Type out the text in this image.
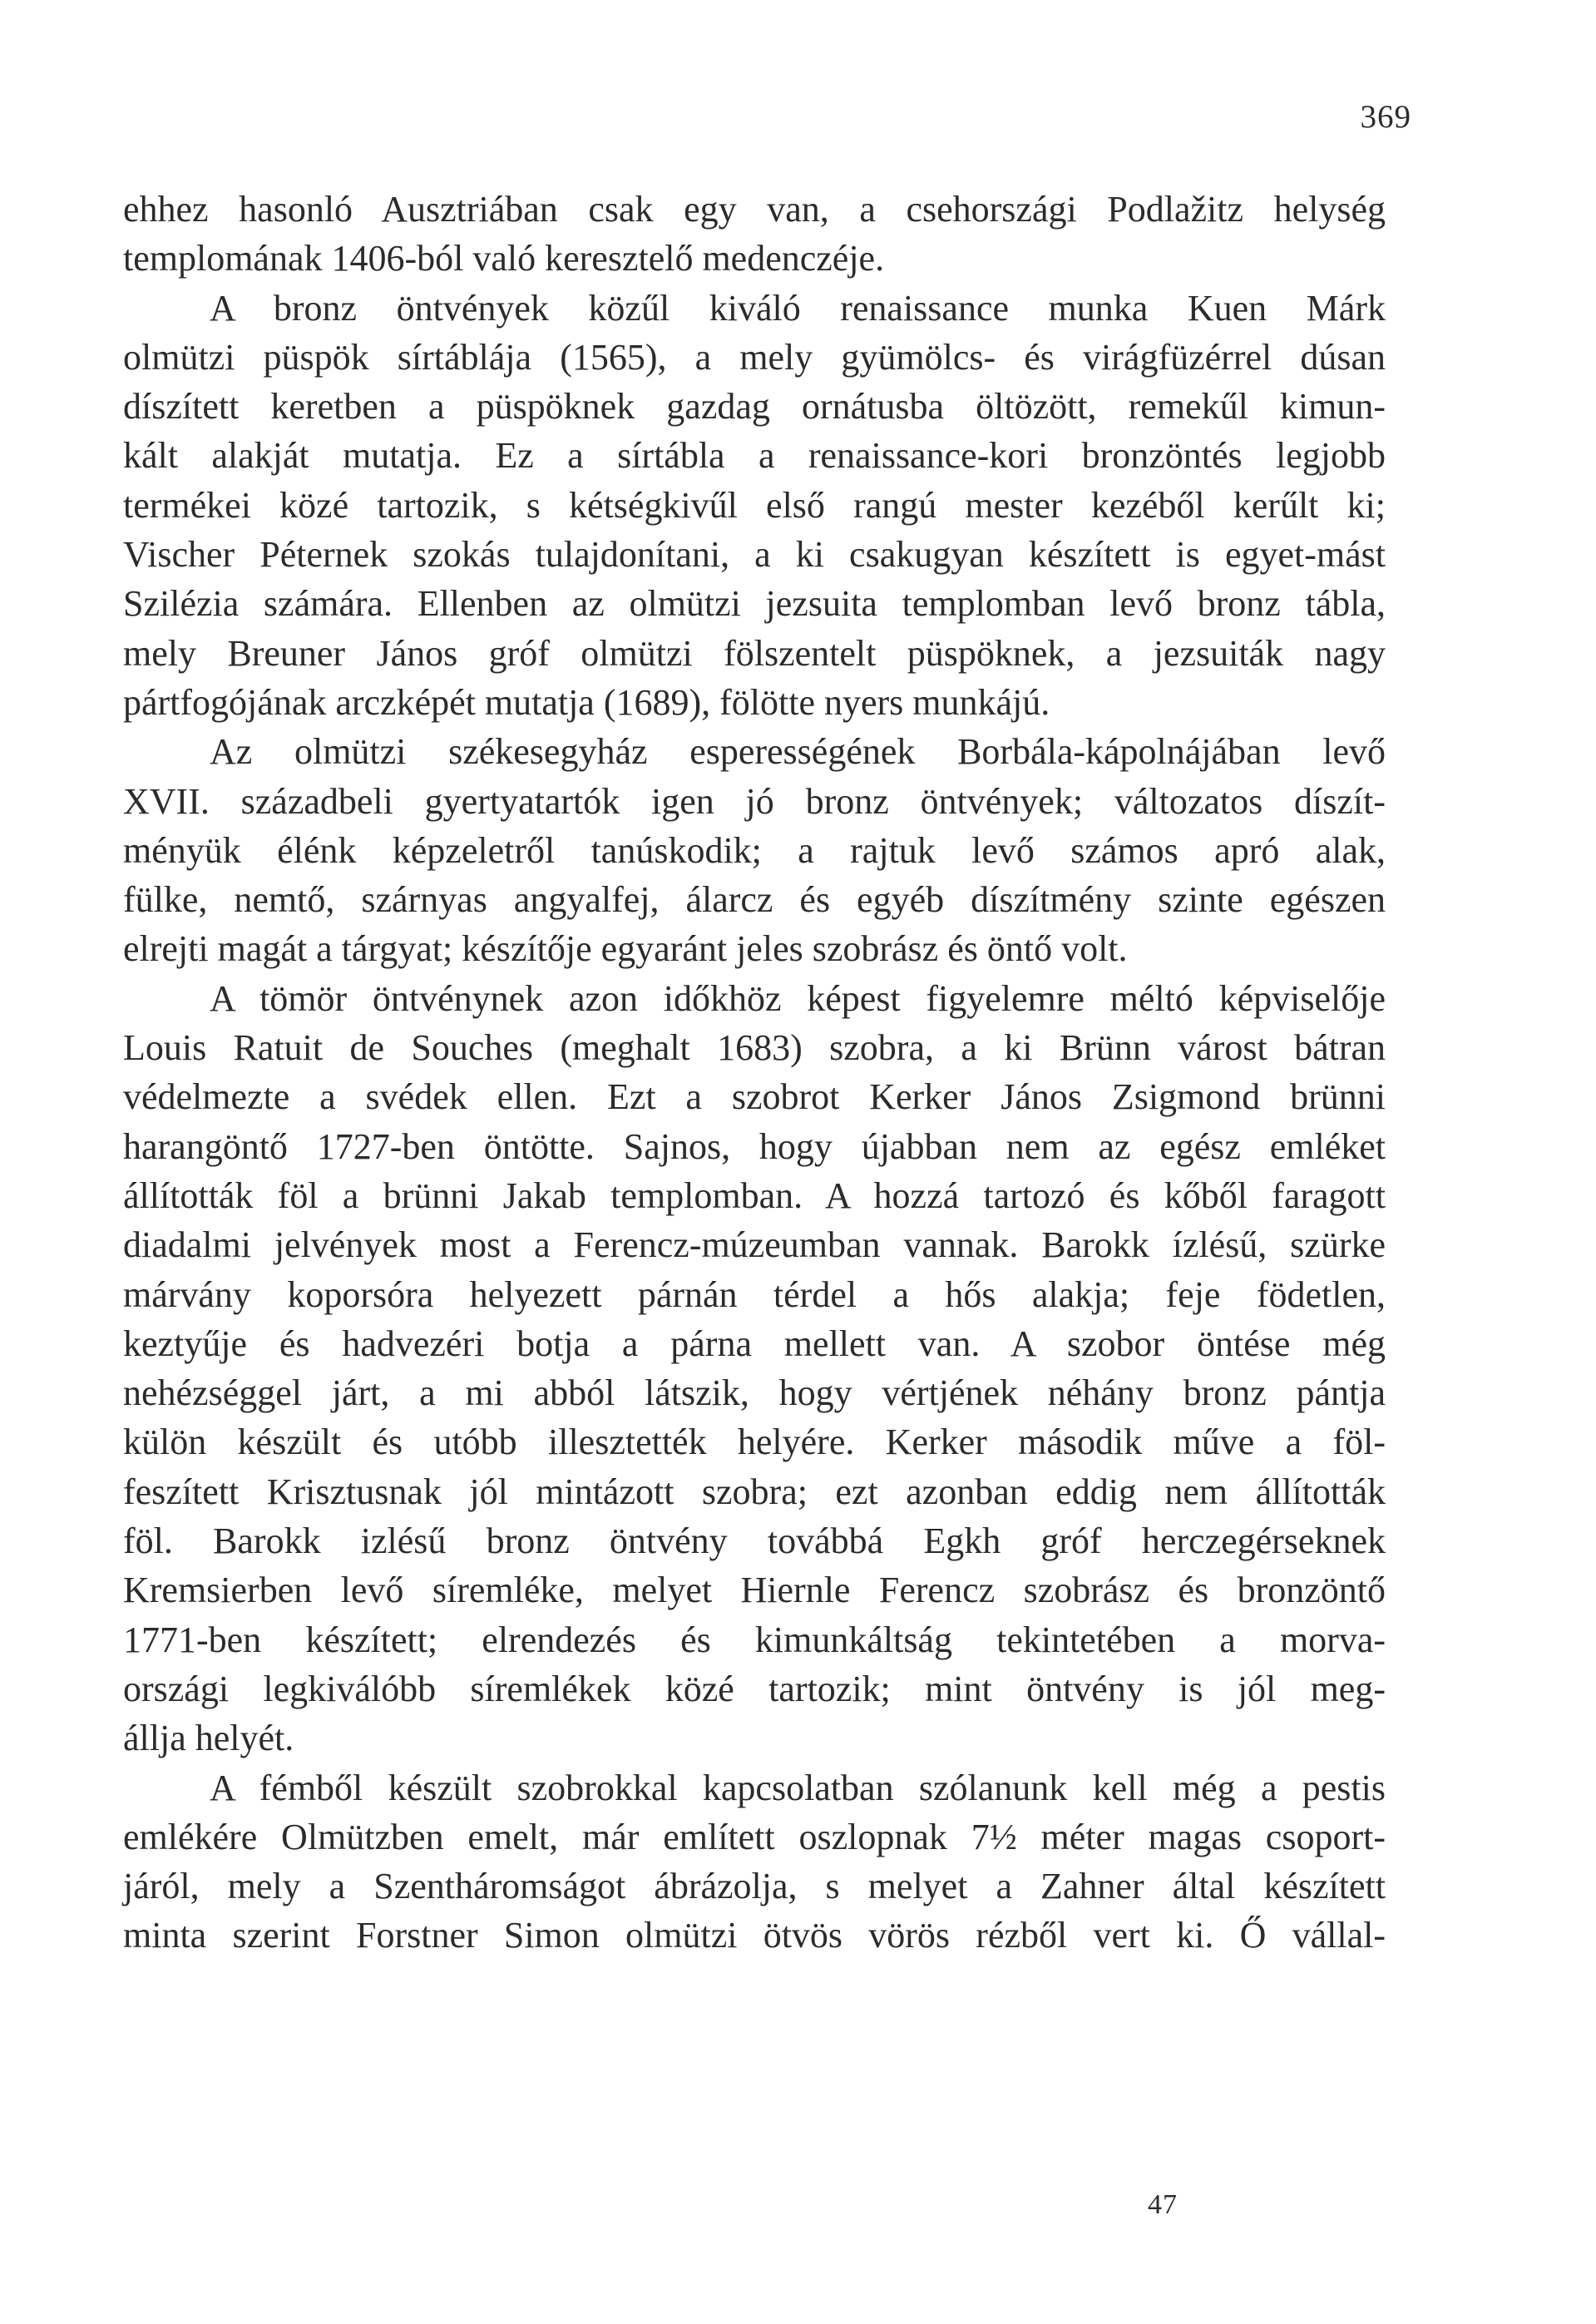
369
ehhez hasonló Ausztriában csak egy van, a csehországi Podlažitz helység
templomának 1406-ból való keresztelő medenczéje.
A bronz öntvények közűl kiváló renaissance munka Kuen Márk
olmützi püspök sírtáblája (1565), a mely gyümölcs- és virágfüzérrel dúsan
díszített keretben a püspöknek gazdag ornátusba öltözött, remekűl kimun-
kált alakját mutatja. Ez a sírtábla a renaissance-kori bronzöntés legjobb
termékei közé tartozik, s kétségkivűl első rangú mester kezéből kerűlt ki;
Vischer Péternek szokás tulajdonítani, a ki csakugyan készített is egyet-mást
Szilézia számára. Ellenben az olmützi jezsuita templomban levő bronz tábla,
mely Breuner János gróf olmützi fölszentelt püspöknek, a jezsuiták nagy
pártfogójának arczképét mutatja (1689), fölötte nyers munkájú.
Az olmützi székesegyház esperességének Borbála-kápolnájában levő
XVII. századbeli gyertyatartók igen jó bronz öntvények; változatos díszít-
ményük élénk képzeletről tanúskodik; a rajtuk levő számos apró alak,
fülke, nemtő, szárnyas angyalfej, álarcz és egyéb díszítmény szinte egészen
elrejti magát a tárgyat; készítője egyaránt jeles szobrász és öntő volt.
A tömör öntvénynek azon időkhöz képest figyelemre méltó képviselője
Louis Ratuit de Souches (meghalt 1683) szobra, a ki Brünn várost bátran
védelmezte a svédek ellen. Ezt a szobrot Kerker János Zsigmond brünni
harangöntő 1727-ben öntötte. Sajnos, hogy újabban nem az egész emléket
állították föl a brünni Jakab templomban. A hozzá tartozó és kőből faragott
diadalmi jelvények most a Ferencz-múzeumban vannak. Barokk ízlésű, szürke
márvány koporsóra helyezett párnán térdel a hős alakja; feje födetlen,
keztyűje és hadvezéri botja a párna mellett van. A szobor öntése még
nehézséggel járt, a mi abból látszik, hogy vértjének néhány bronz pántja
külön készült és utóbb illesztették helyére. Kerker második műve a föl-
feszített Krisztusnak jól mintázott szobra; ezt azonban eddig nem állították
föl. Barokk izlésű bronz öntvény továbbá Egkh gróf herczegérseknek
Kremsierben levő síremléke, melyet Hiernle Ferencz szobrász és bronzöntő
1771-ben készített; elrendezés és kimunkáltság tekintetében a morva-
országi legkiválóbb síremlékek közé tartozik; mint öntvény is jól meg-
állja helyét.
A fémből készült szobrokkal kapcsolatban szólanunk kell még a pestis
emlékére Olmützben emelt, már említett oszlopnak 7½ méter magas csoport-
járól, mely a Szentháromságot ábrázolja, s melyet a Zahner által készített
minta szerint Forstner Simon olmützi ötvös vörös rézből vert ki. Ő vállal-
47
